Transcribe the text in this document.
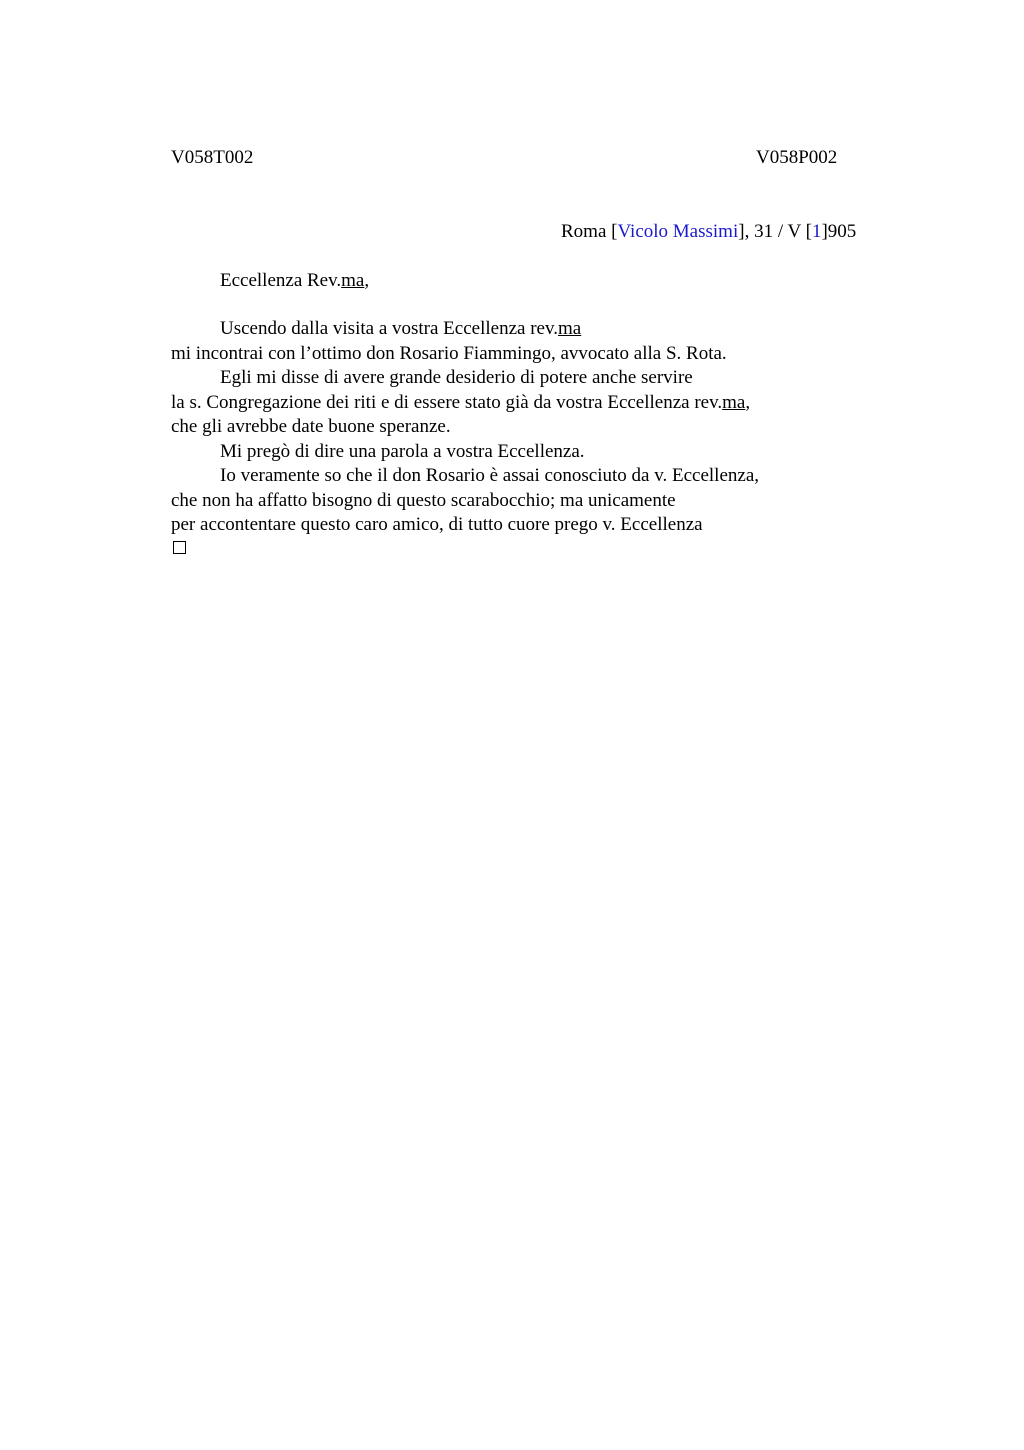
V058T002	V058P002
Roma [Vicolo Massimi], 31 / V [1]905
Eccellenza Rev.ma,
Uscendo dalla visita a vostra Eccellenza rev.ma
mi incontrai con l’ottimo don Rosario Fiammingo, avvocato alla S. Rota.
Egli mi disse di avere grande desiderio di potere anche servire
la s. Congregazione dei riti e di essere stato già da vostra Eccellenza rev.ma,
che gli avrebbe date buone speranze.
Mi pregò di dire una parola a vostra Eccellenza.
Io veramente so che il don Rosario è assai conosciuto da v. Eccellenza,
che non ha affatto bisogno di questo scarabocchio; ma unicamente
per accontentare questo caro amico, di tutto cuore prego v. Eccellenza
